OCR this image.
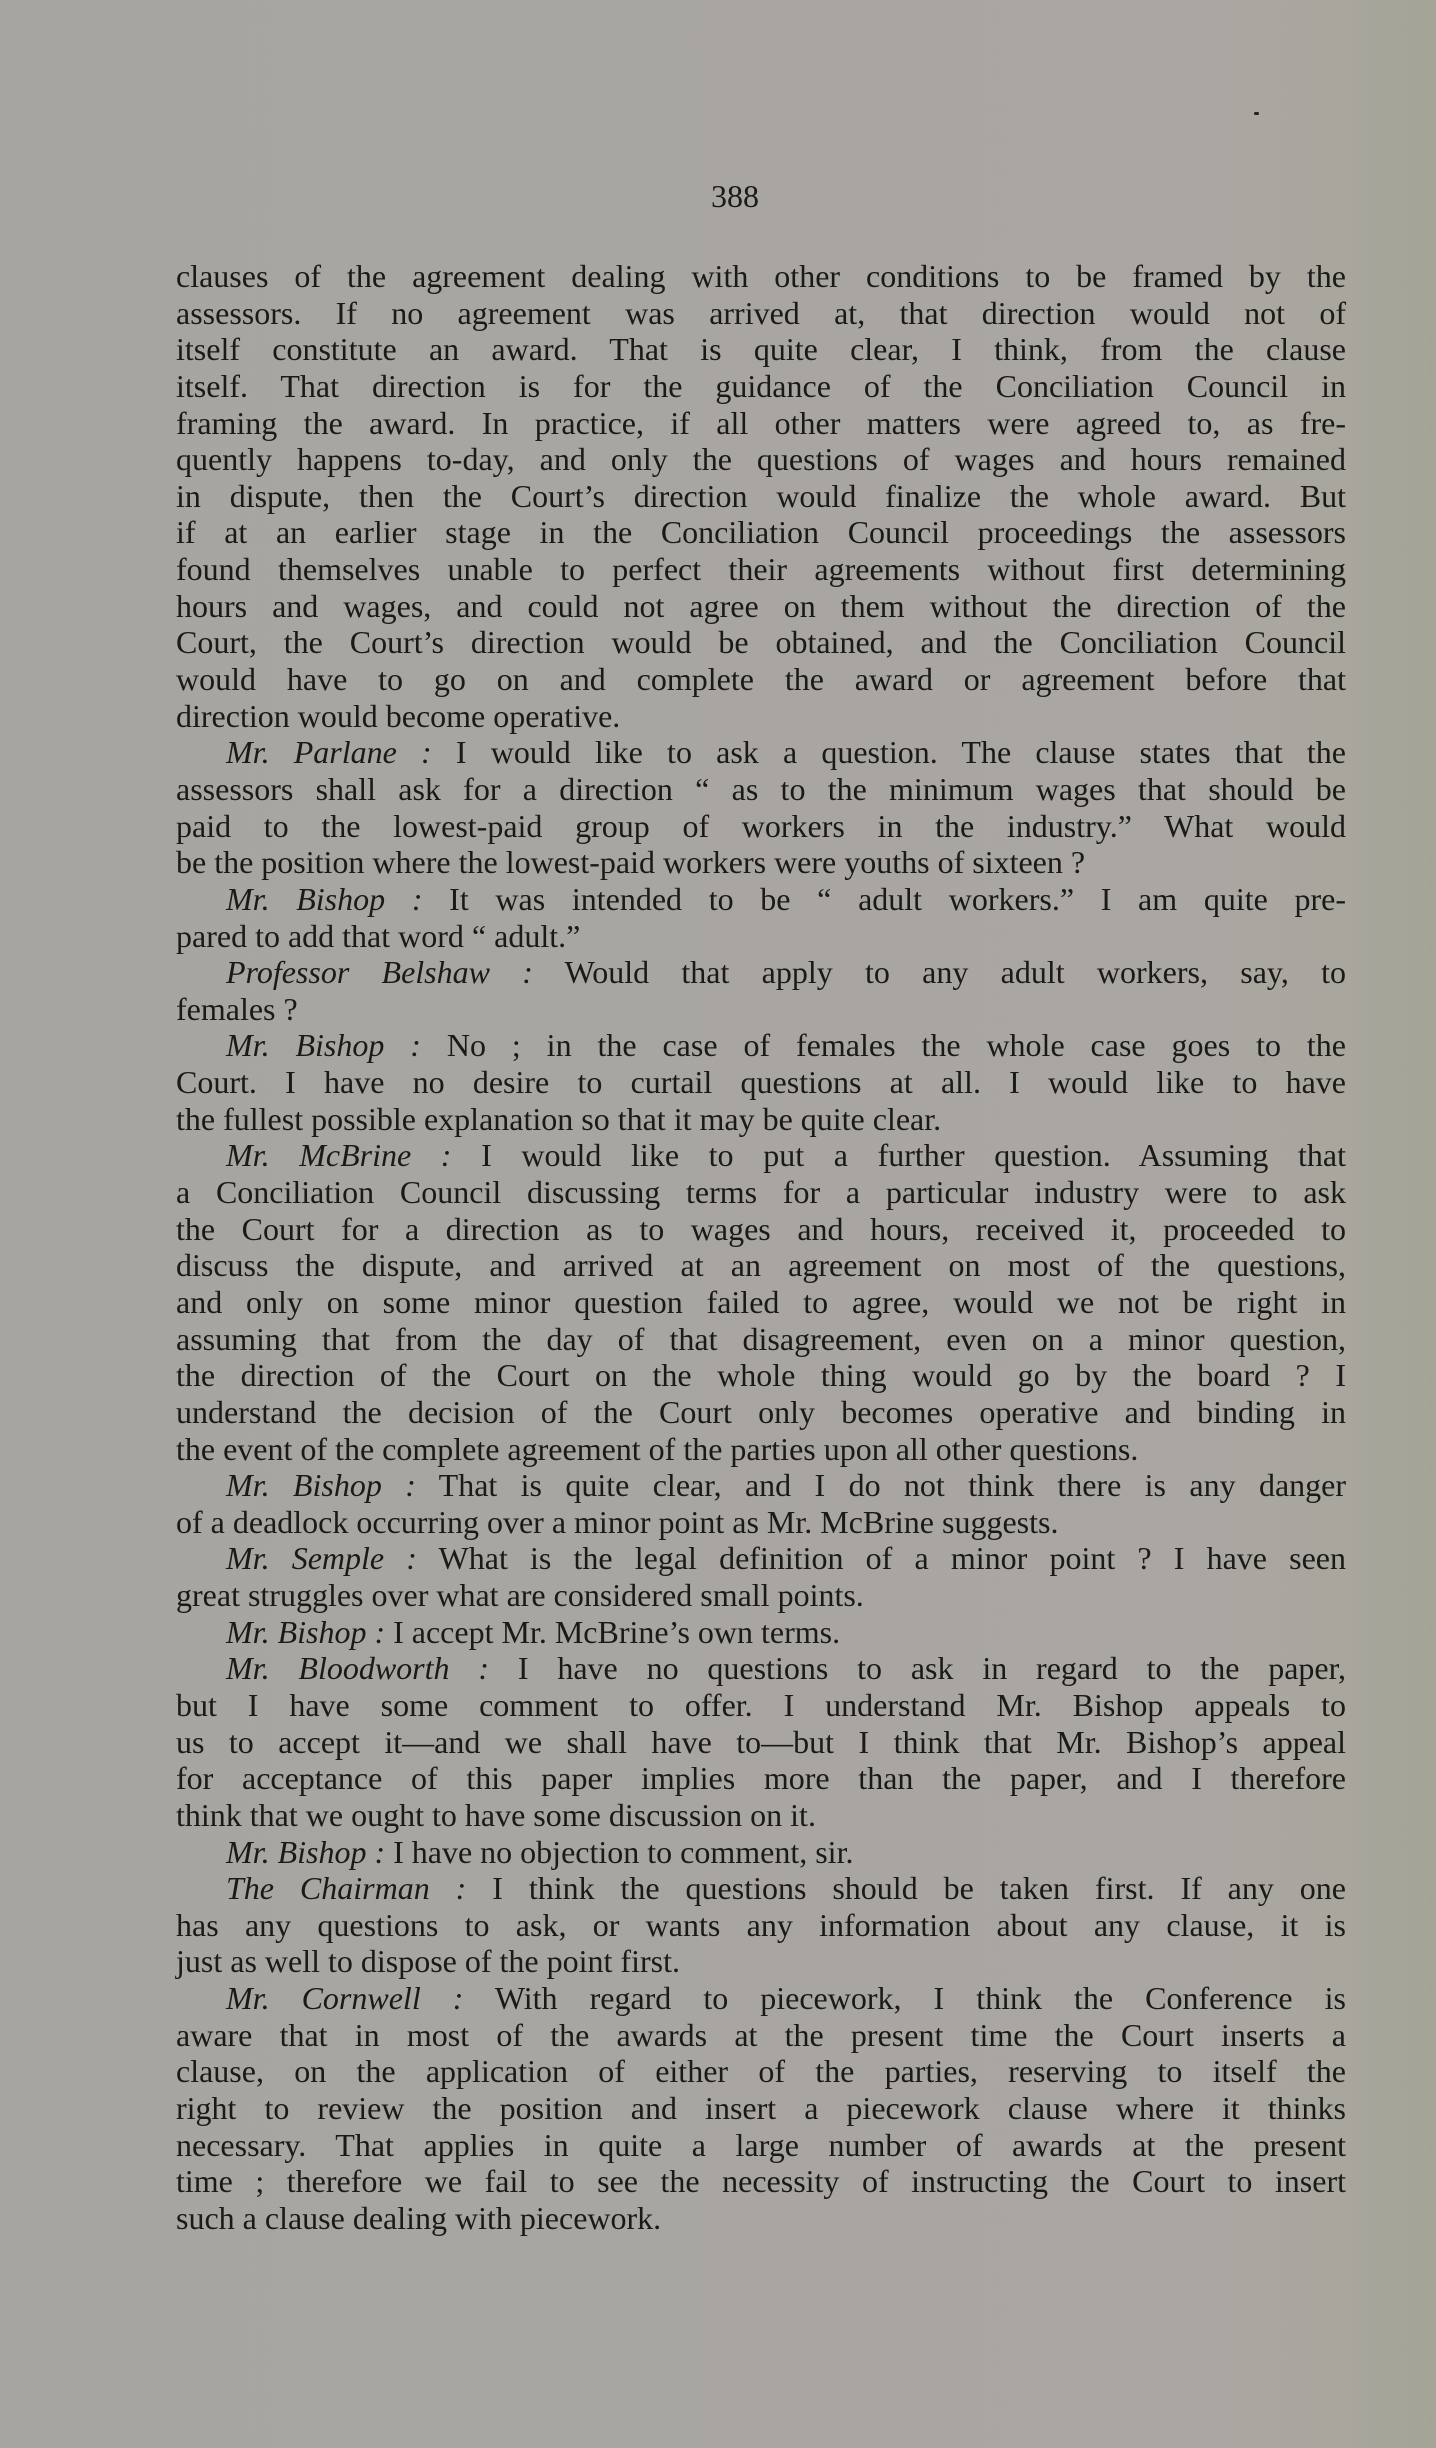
388
clauses of the agreement dealing with other conditions to be framed by the
assessors. If no agreement was arrived at, that direction would not of
itself constitute an award. That is quite clear, I think, from the clause
itself. That direction is for the guidance of the Conciliation Council in
framing the award. In practice, if all other matters were agreed to, as fre-
quently happens to-day, and only the questions of wages and hours remained
in dispute, then the Court’s direction would finalize the whole award. But
if at an earlier stage in the Conciliation Council proceedings the assessors
found themselves unable to perfect their agreements without first determining
hours and wages, and could not agree on them without the direction of the
Court, the Court’s direction would be obtained, and the Conciliation Council
would have to go on and complete the award or agreement before that
direction would become operative.
Mr. Parlane : I would like to ask a question. The clause states that the
assessors shall ask for a direction “ as to the minimum wages that should be
paid to the lowest-paid group of workers in the industry.” What would
be the position where the lowest-paid workers were youths of sixteen ?
Mr. Bishop : It was intended to be “ adult workers.” I am quite pre-
pared to add that word “ adult.”
Professor Belshaw : Would that apply to any adult workers, say, to
females ?
Mr. Bishop : No ; in the case of females the whole case goes to the
Court. I have no desire to curtail questions at all. I would like to have
the fullest possible explanation so that it may be quite clear.
Mr. McBrine : I would like to put a further question. Assuming that
a Conciliation Council discussing terms for a particular industry were to ask
the Court for a direction as to wages and hours, received it, proceeded to
discuss the dispute, and arrived at an agreement on most of the questions,
and only on some minor question failed to agree, would we not be right in
assuming that from the day of that disagreement, even on a minor question,
the direction of the Court on the whole thing would go by the board ? I
understand the decision of the Court only becomes operative and binding in
the event of the complete agreement of the parties upon all other questions.
Mr. Bishop : That is quite clear, and I do not think there is any danger
of a deadlock occurring over a minor point as Mr. McBrine suggests.
Mr. Semple : What is the legal definition of a minor point ? I have seen
great struggles over what are considered small points.
Mr. Bishop : I accept Mr. McBrine’s own terms.
Mr. Bloodworth : I have no questions to ask in regard to the paper,
but I have some comment to offer. I understand Mr. Bishop appeals to
us to accept it—and we shall have to—but I think that Mr. Bishop’s appeal
for acceptance of this paper implies more than the paper, and I therefore
think that we ought to have some discussion on it.
Mr. Bishop : I have no objection to comment, sir.
The Chairman : I think the questions should be taken first. If any one
has any questions to ask, or wants any information about any clause, it is
just as well to dispose of the point first.
Mr. Cornwell : With regard to piecework, I think the Conference is
aware that in most of the awards at the present time the Court inserts a
clause, on the application of either of the parties, reserving to itself the
right to review the position and insert a piecework clause where it thinks
necessary. That applies in quite a large number of awards at the present
time ; therefore we fail to see the necessity of instructing the Court to insert
such a clause dealing with piecework.
